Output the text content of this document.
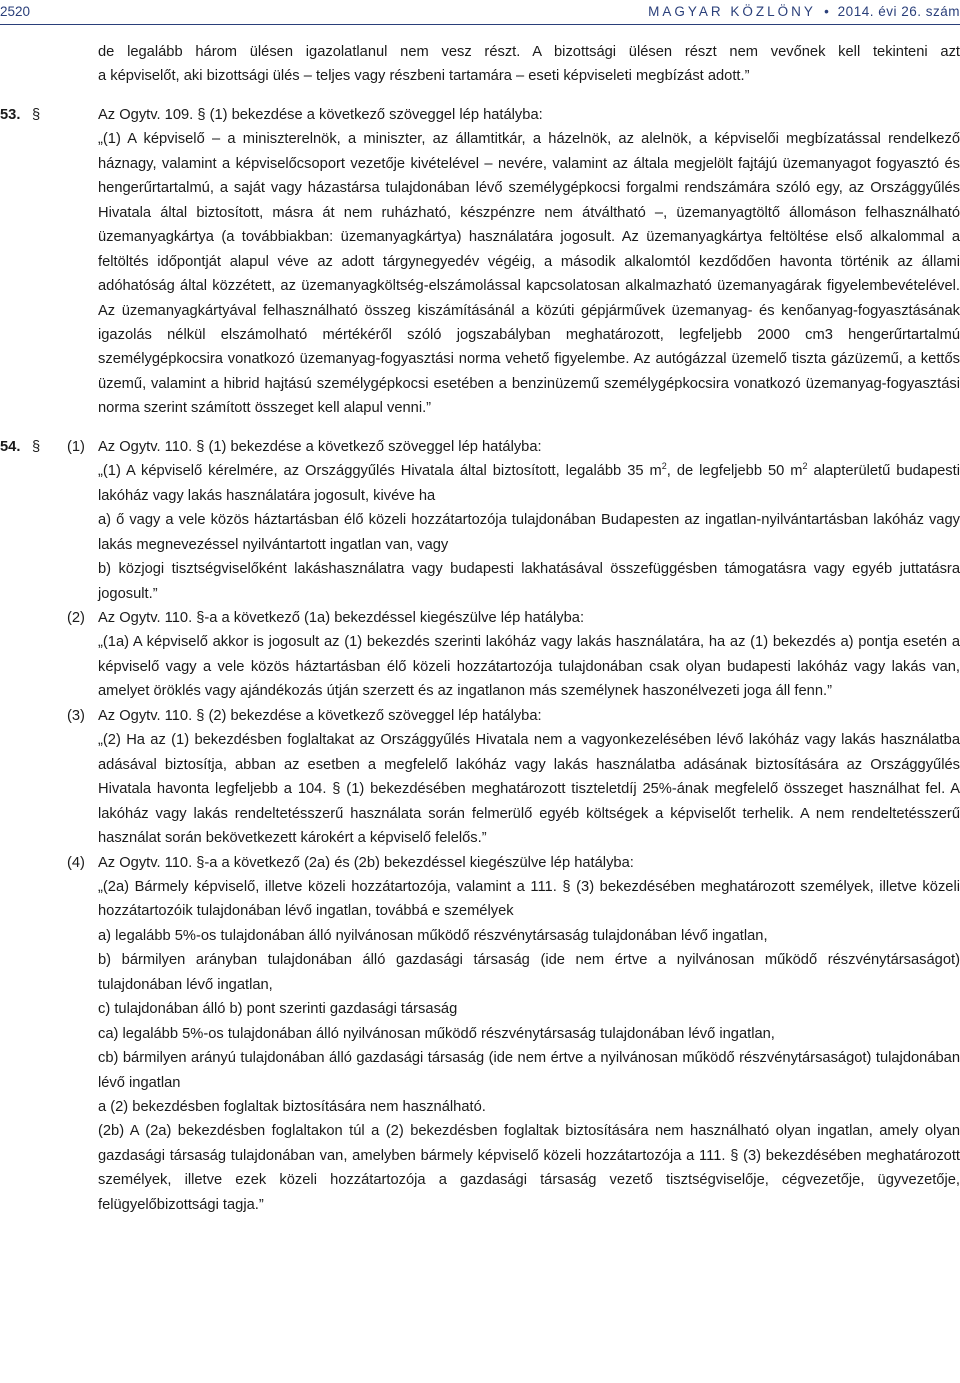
2520	MAGYAR KÖZLÖNY • 2014. évi 26. szám

de legalább három ülésen igazolatlanul nem vesz részt. A bizottsági ülésen részt nem vevőnek kell tekinteni azt

a képviselőt, aki bizottsági ülés – teljes vagy részbeni tartamára – eseti képviseleti megbízást adott.”

53. §	Az Ogytv. 109. § (1) bekezdése a következő szöveggel lép hatályba:

„(1) A képviselő – a miniszterelnök, a miniszter, az államtitkár, a házelnök, az alelnök, a képviselői megbízatással rendelkező háznagy, valamint a képviselőcsoport vezetője kivételével – nevére, valamint az általa megjelölt fajtájú üzemanyagot fogyasztó és hengerűrtartalmú, a saját vagy házastársa tulajdonában lévő személygépkocsi forgalmi rendszámára szóló egy, az Országgyűlés Hivatala által biztosított, másra át nem ruházható, készpénzre nem átváltható –, üzemanyagtöltő állomáson felhasználható üzemanyagkártya (a továbbiakban: üzemanyagkártya) használatára jogosult. Az üzemanyagkártya feltöltése első alkalommal a feltöltés időpontját alapul véve az adott tárgynegyedév végéig, a második alkalomtól kezdődően havonta történik az állami adóhatóság által közzétett, az üzemanyagköltség-elszámolással kapcsolatosan alkalmazható üzemanyagárak figyelembevételével. Az üzemanyagkártyával felhasználható összeg kiszámításánál a közúti gépjárművek üzemanyag- és kenőanyag-fogyasztásának igazolás nélkül elszámolható mértékéről szóló jogszabályban meghatározott, legfeljebb 2000 cm3 hengerűrtartalmú személygépkocsira vonatkozó üzemanyag-fogyasztási norma vehető figyelembe. Az autógázzal üzemelő tiszta gázüzemű, a kettős üzemű, valamint a hibrid hajtású személygépkocsi esetében a benzinüzemű személygépkocsira vonatkozó üzemanyag-fogyasztási norma szerint számított összeget kell alapul venni.”

54. § (1) Az Ogytv. 110. § (1) bekezdése a következő szöveggel lép hatályba:

„(1) A képviselő kérelmére, az Országgyűlés Hivatala által biztosított, legalább 35 $m^2$, de legfeljebb 50 $m^2$ alapterületű budapesti lakóház vagy lakás használatára jogosult, kivéve ha

a) ő vagy a vele közös háztartásban élő közeli hozzátartozója tulajdonában Budapesten az ingatlan-nyilvántartásban lakóház vagy lakás megnevezéssel nyilvántartott ingatlan van, vagy

b) közjogi tisztségviselőként lakáshasználatra vagy budapesti lakhatásával összefüggésben támogatásra vagy egyéb juttatásra jogosult.”

(2) Az Ogytv. 110. §-a a következő (1a) bekezdéssel kiegészülve lép hatályba:

„(1a) A képviselő akkor is jogosult az (1) bekezdés szerinti lakóház vagy lakás használatára, ha az (1) bekezdés a) pontja esetén a képviselő vagy a vele közös háztartásban élő közeli hozzátartozója tulajdonában csak olyan budapesti lakóház vagy lakás van, amelyet öröklés vagy ajándékozás útján szerzett és az ingatlanon más személynek haszonélvezeti joga áll fenn.”

(3) Az Ogytv. 110. § (2) bekezdése a következő szöveggel lép hatályba:

„(2) Ha az (1) bekezdésben foglaltakat az Országgyűlés Hivatala nem a vagyonkezelésében lévő lakóház vagy lakás használatba adásával biztosítja, abban az esetben a megfelelő lakóház vagy lakás használatba adásának biztosítására az Országgyűlés Hivatala havonta legfeljebb a 104. § (1) bekezdésében meghatározott tiszteletdíj 25%-ának megfelelő összeget használhat fel. A lakóház vagy lakás rendeltetésszerű használata során felmerülő egyéb költségek a képviselőt terhelik. A nem rendeltetésszerű használat során bekövetkezett károkért a képviselő felelős.”

(4) Az Ogytv. 110. §-a a következő (2a) és (2b) bekezdéssel kiegészülve lép hatályba:

„(2a) Bármely képviselő, illetve közeli hozzátartozója, valamint a 111. § (3) bekezdésében meghatározott személyek, illetve közeli hozzátartozóik tulajdonában lévő ingatlan, továbbá e személyek

a) legalább 5%-os tulajdonában álló nyilvánosan működő részvénytársaság tulajdonában lévő ingatlan,

b) bármilyen arányban tulajdonában álló gazdasági társaság (ide nem értve a nyilvánosan működő részvénytársaságot) tulajdonában lévő ingatlan,

c) tulajdonában álló b) pont szerinti gazdasági társaság

ca) legalább 5%-os tulajdonában álló nyilvánosan működő részvénytársaság tulajdonában lévő ingatlan,

cb) bármilyen arányú tulajdonában álló gazdasági társaság (ide nem értve a nyilvánosan működő részvénytársaságot) tulajdonában lévő ingatlan

a (2) bekezdésben foglaltak biztosítására nem használható.

(2b) A (2a) bekezdésben foglaltakon túl a (2) bekezdésben foglaltak biztosítására nem használható olyan ingatlan, amely olyan gazdasági társaság tulajdonában van, amelyben bármely képviselő közeli hozzátartozója a 111. § (3) bekezdésében meghatározott személyek, illetve ezek közeli hozzátartozója a gazdasági társaság vezető tisztségviselője, cégvezetője, ügyvezetője, felügyelőbizottsági tagja.”
